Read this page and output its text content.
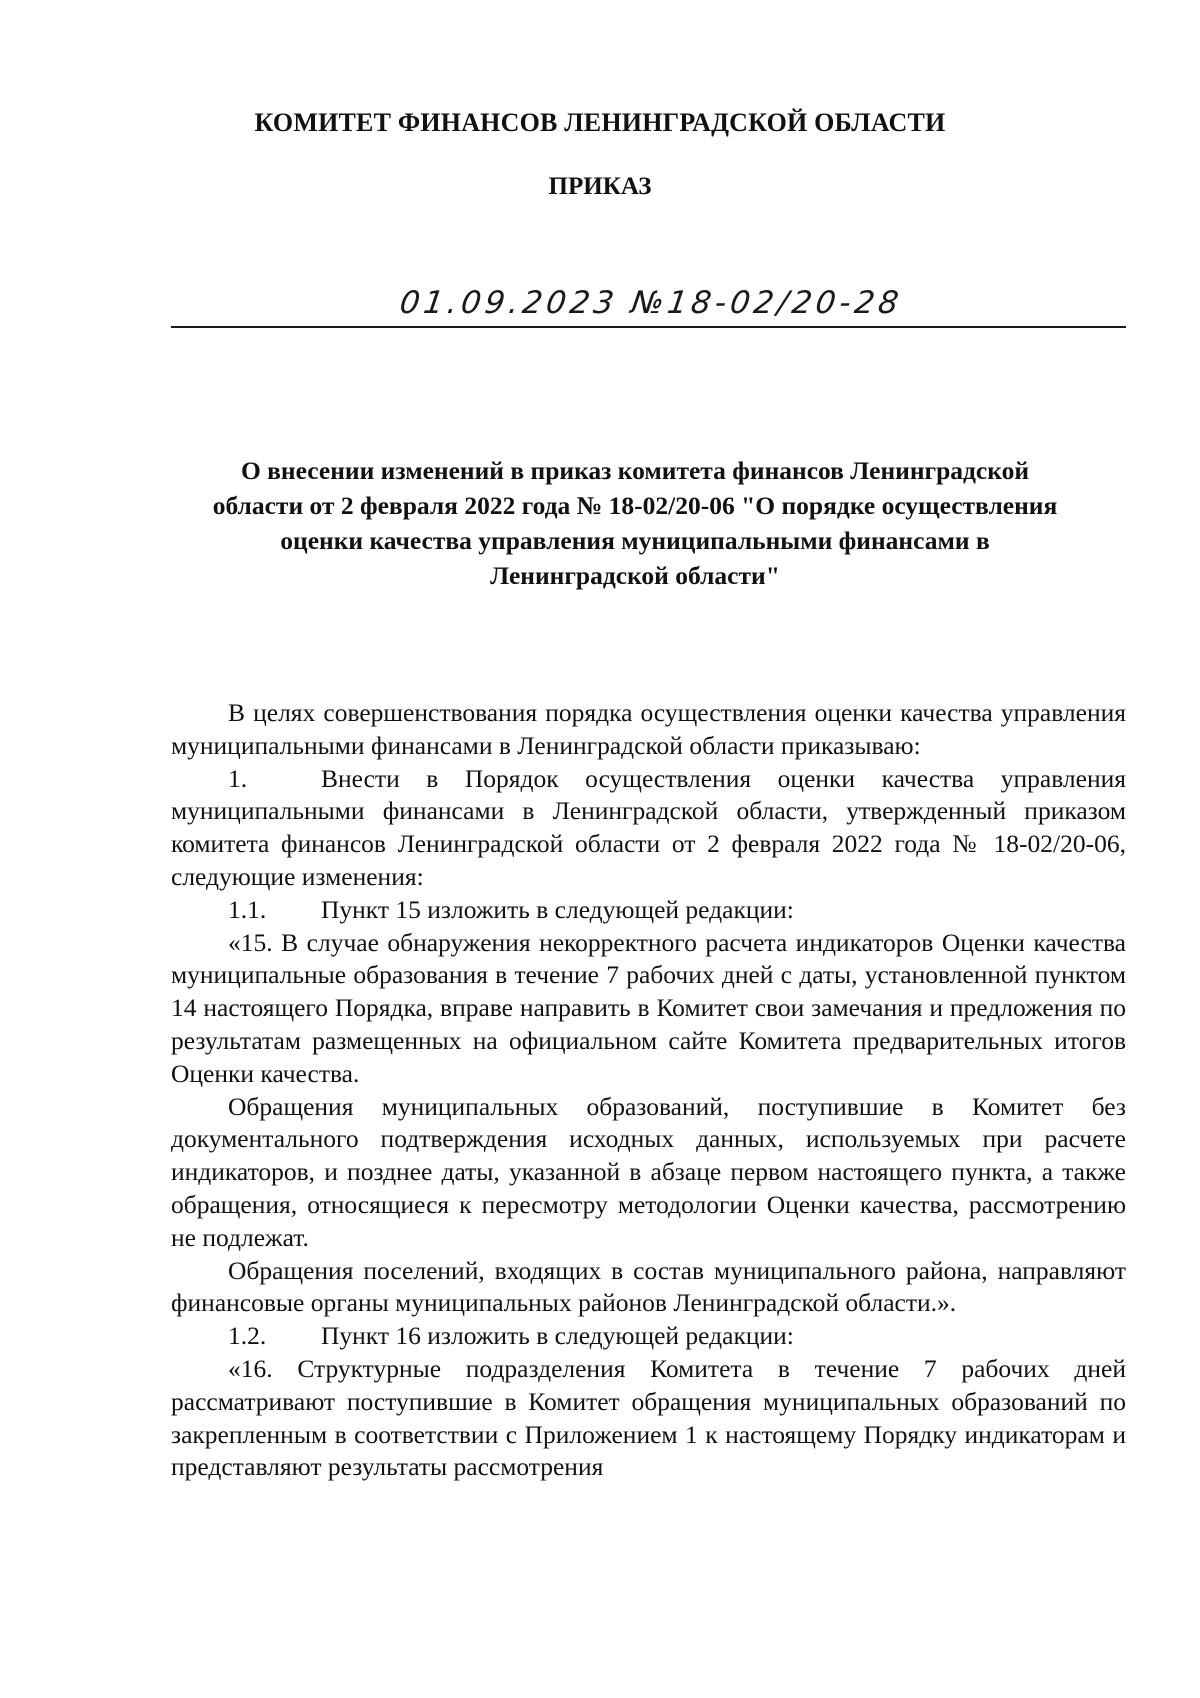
КОМИТЕТ ФИНАНСОВ ЛЕНИНГРАДСКОЙ ОБЛАСТИ
ПРИКАЗ
01.09.2023 №18-02/20-28
О внесении изменений в приказ комитета финансов Ленинградской
области от 2 февраля 2022 года № 18-02/20-06 "О порядке осуществления
оценки качества управления муниципальными финансами в
Ленинградской области"

В целях совершенствования порядка осуществления оценки качества управления муниципальными финансами в Ленинградской области приказываю:

1.	Внести в Порядок осуществления оценки качества управления муниципальными финансами в Ленинградской области, утвержденный приказом комитета финансов Ленинградской области от 2 февраля 2022 года № 18-02/20-06, следующие изменения:

1.1. Пункт 15 изложить в следующей редакции:

«15. В случае обнаружения некорректного расчета индикаторов Оценки качества муниципальные образования в течение 7 рабочих дней с даты, установленной пунктом 14 настоящего Порядка, вправе направить в Комитет свои замечания и предложения по результатам размещенных на официальном сайте Комитета предварительных итогов Оценки качества.

Обращения муниципальных образований, поступившие в Комитет без документального подтверждения исходных данных, используемых при расчете индикаторов, и позднее даты, указанной в абзаце первом настоящего пункта, а также обращения, относящиеся к пересмотру методологии Оценки качества, рассмотрению не подлежат.

Обращения поселений, входящих в состав муниципального района, направляют финансовые органы муниципальных районов Ленинградской области.».

1.2. Пункт 16 изложить в следующей редакции:

«16. Структурные подразделения Комитета в течение 7 рабочих дней рассматривают поступившие в Комитет обращения муниципальных образований по закрепленным в соответствии с Приложением 1 к настоящему Порядку индикаторам и представляют результаты рассмотрения
